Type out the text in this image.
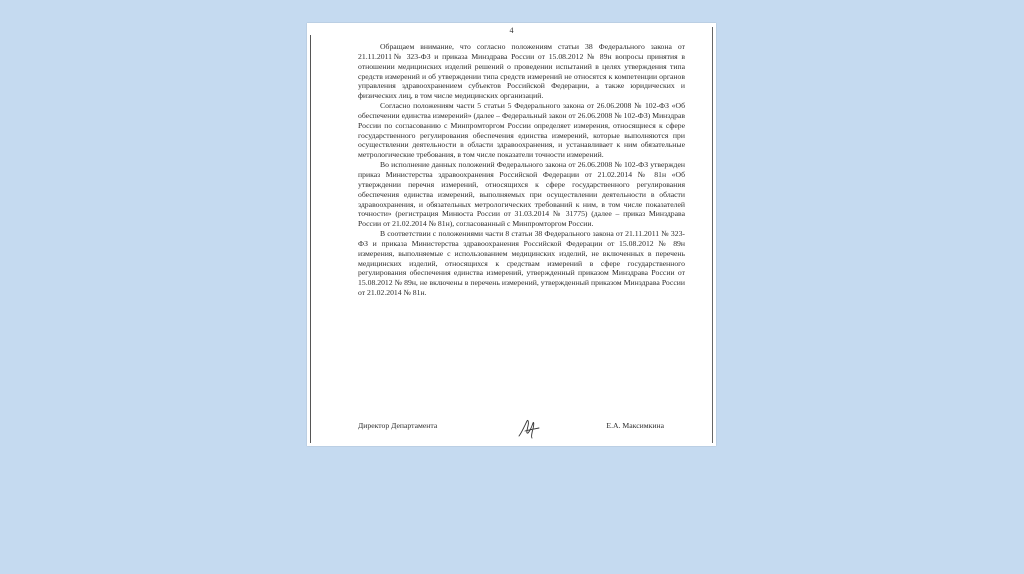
4

Обращаем внимание, что согласно положениям статьи 38 Федерального закона от 21.11.2011№ 323-ФЗ и приказа Минздрава России от 15.08.2012 № 89н вопросы принятия в отношении медицинских изделий решений о проведении испытаний в целях утверждения типа средств измерений и об утверждении типа средств измерений не относятся к компетенции органов управления здравоохранением субъектов Российской Федерации, а также юридических и физических лиц, в том числе медицинских организаций.

Согласно положениям части 5 статьи 5 Федерального закона от 26.06.2008 № 102-ФЗ «Об обеспечении единства измерений» (далее – Федеральный закон от 26.06.2008 № 102-ФЗ) Минздрав России по согласованию с Минпромторгом России определяет измерения, относящиеся к сфере государственного регулирования обеспечения единства измерений, которые выполняются при осуществлении деятельности в области здравоохранения, и устанавливает к ним обязательные метрологические требования, в том числе показатели точности измерений.

Во исполнение данных положений Федерального закона от 26.06.2008 № 102-ФЗ утвержден приказ Министерства здравоохранения Российской Федерации от 21.02.2014 № 81н «Об утверждении перечня измерений, относящихся к сфере государственного регулирования обеспечения единства измерений, выполняемых при осуществлении деятельности в области здравоохранения, и обязательных метрологических требований к ним, в том числе показателей точности» (регистрация Минюста России от 31.03.2014 № 31775) (далее – приказ Минздрава России от 21.02.2014 № 81н), согласованный с Минпромторгом России.

В соответствии с положениями части 8 статьи 38 Федерального закона от 21.11.2011 № 323-ФЗ и приказа Министерства здравоохранения Российской Федерации от 15.08.2012 № 89н измерения, выполняемые с использованием медицинских изделий, не включенных в перечень медицинских изделий, относящихся к средствам измерений в сфере государственного регулирования обеспечения единства измерений, утвержденный приказом Минздрава России от 15.08.2012 № 89н, не включены в перечень измерений, утвержденный приказом Минздрава России от 21.02.2014 № 81н.

Директор Департамента	Е.А. Максимкина
